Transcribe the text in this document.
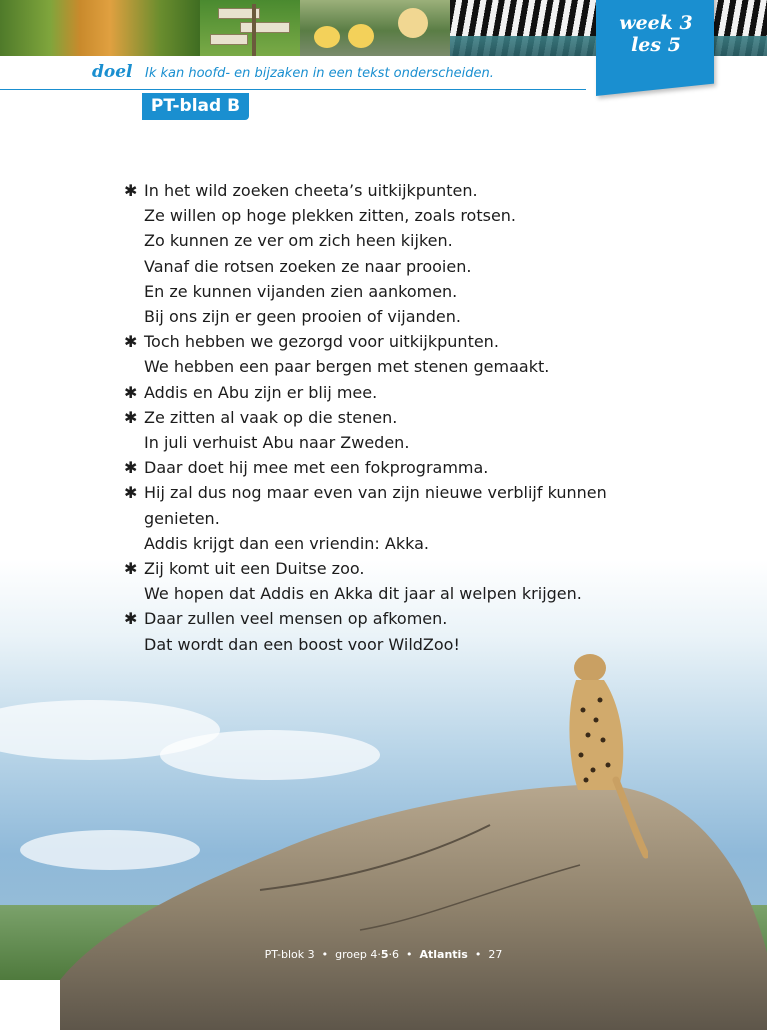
week 3
les 5
doel Ik kan hoofd- en bijzaken in een tekst onderscheiden.
PT-blad B
✱ In het wild zoeken cheeta’s uitkijkpunten.
Ze willen op hoge plekken zitten, zoals rotsen.
Zo kunnen ze ver om zich heen kijken.
Vanaf die rotsen zoeken ze naar prooien.
En ze kunnen vijanden zien aankomen.
Bij ons zijn er geen prooien of vijanden.
✱ Toch hebben we gezorgd voor uitkijkpunten.
We hebben een paar bergen met stenen gemaakt.
✱ Addis en Abu zijn er blij mee.
✱ Ze zitten al vaak op die stenen.
In juli verhuist Abu naar Zweden.
✱ Daar doet hij mee met een fokprogramma.
✱ Hij zal dus nog maar even van zijn nieuwe verblijf kunnen
genieten.
Addis krijgt dan een vriendin: Akka.
✱ Zij komt uit een Duitse zoo.
We hopen dat Addis en Akka dit jaar al welpen krijgen.
✱ Daar zullen veel mensen op afkomen.
Dat wordt dan een boost voor WildZoo!
PT-blok 3  •  groep 4·5·6  •  Atlantis  •  27
